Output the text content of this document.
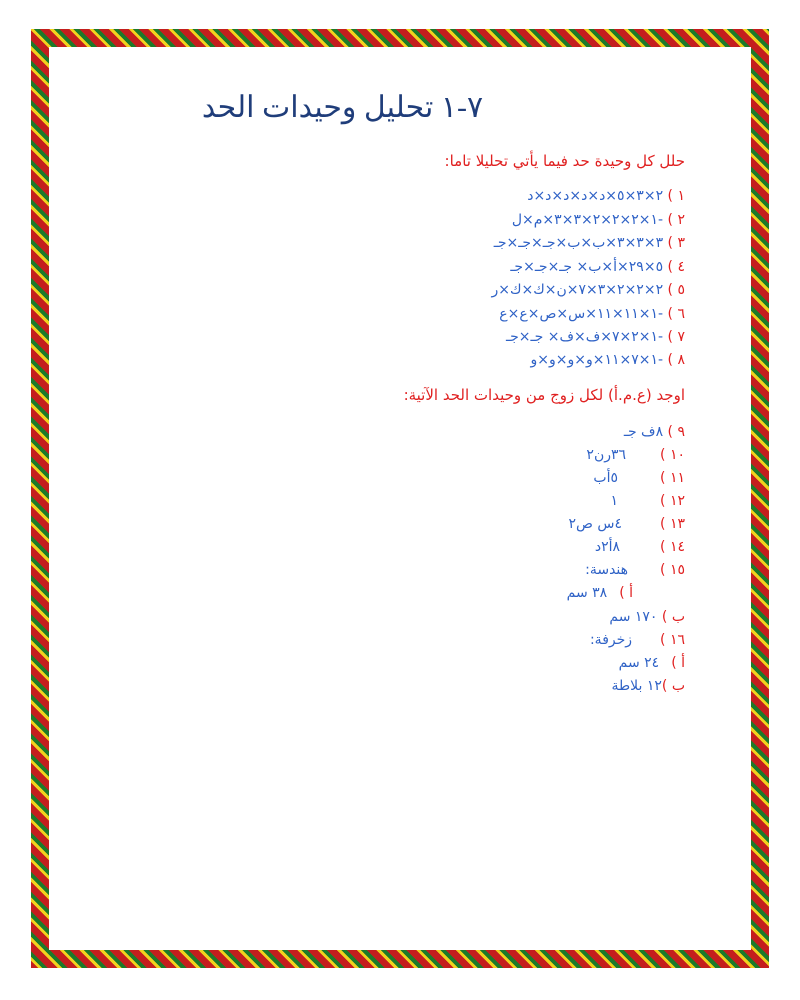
٧-١ تحليل وحيدات الحد
حلل كل وحيدة حد فيما يأتي تحليلا تاما:
١ ) ٢×٣×٥×د×د×د×د×د
٢ ) -١×٢×٢×٢×٣×٣×م×ل
٣ ) ٣×٣×٣×ب×ب×جـ×جـ×جـ
٤ ) ٥×٢٩×أ×ب× جـ×جـ×جـ
٥ ) ٢×٢×٢×٣×٧×ن×ك×ك×ر
٦ ) -١×١١×١١×س×ص×ع×ع
٧ ) -١×٢×٧×ف×ف× جـ×جـ
٨ ) -١×٧×١١×و×و×و×و
اوجد (ع.م.أ) لكل زوج من وحيدات الحد الآتية:
٩ ) ٨ف جـ
١٠ )٣٦رن٢
١١ )٥أب
١٢ )١
١٣ )٤س ص٢
١٤ )٨أ٢د
١٥ )هندسة:
أ )٣٨ سم
ب ) ١٧٠ سم
١٦ )زخرفة:
أ )٢٤ سم
ب )١٢ بلاطة
